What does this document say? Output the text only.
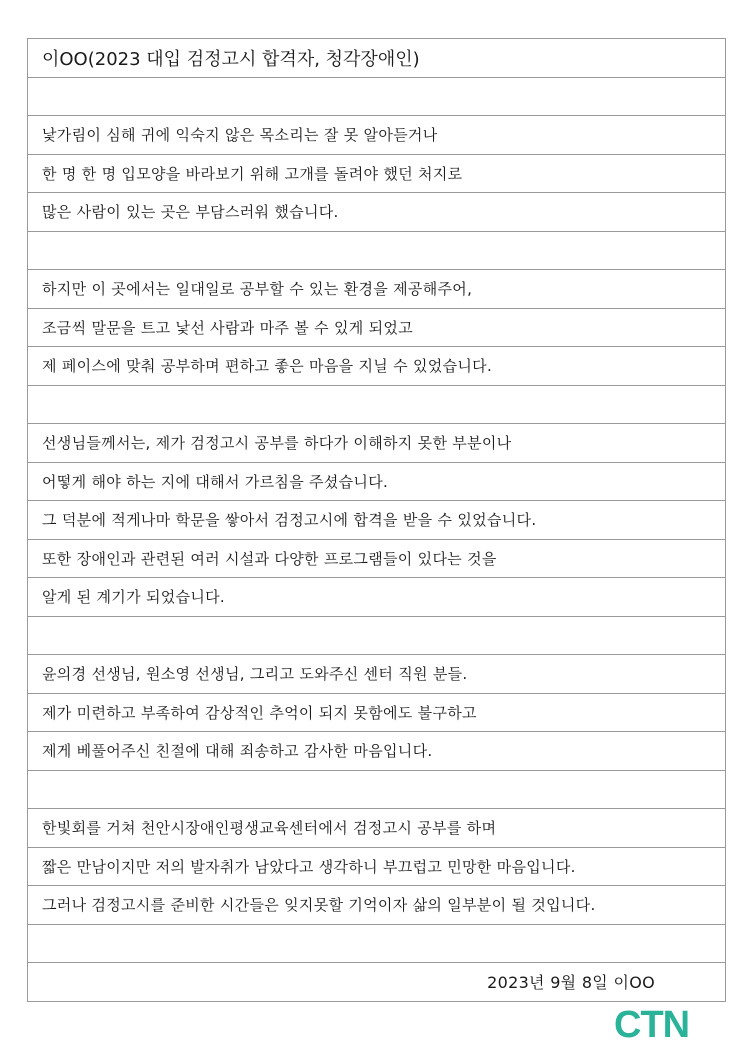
이OO(2023 대입 검정고시 합격자, 청각장애인)
낯가림이 심해 귀에 익숙지 않은 목소리는 잘 못 알아듣거나
한 명 한 명 입모양을 바라보기 위해 고개를 돌려야 했던 처지로
많은 사람이 있는 곳은 부담스러워 했습니다.
하지만 이 곳에서는 일대일로 공부할 수 있는 환경을 제공해주어,
조금씩 말문을 트고 낯선 사람과 마주 볼 수 있게 되었고
제 페이스에 맞춰 공부하며 편하고 좋은 마음을 지닐 수 있었습니다.
선생님들께서는, 제가 검정고시 공부를 하다가 이해하지 못한 부분이나
어떻게 해야 하는 지에 대해서 가르침을 주셨습니다.
그 덕분에 적게나마 학문을 쌓아서 검정고시에 합격을 받을 수 있었습니다.
또한 장애인과 관련된 여러 시설과 다양한 프로그램들이 있다는 것을
알게 된 계기가 되었습니다.
윤의경 선생님, 원소영 선생님, 그리고 도와주신 센터 직원 분들.
제가 미련하고 부족하여 감상적인 추억이 되지 못함에도 불구하고
제게 베풀어주신 친절에 대해 죄송하고 감사한 마음입니다.
한빛회를 거쳐 천안시장애인평생교육센터에서 검정고시 공부를 하며
짧은 만남이지만 저의 발자취가 남았다고 생각하니 부끄럽고 민망한 마음입니다.
그러나 검정고시를 준비한 시간들은 잊지못할 기억이자 삶의 일부분이 될 것입니다.
2023년 9월 8일 이OO
CTN
